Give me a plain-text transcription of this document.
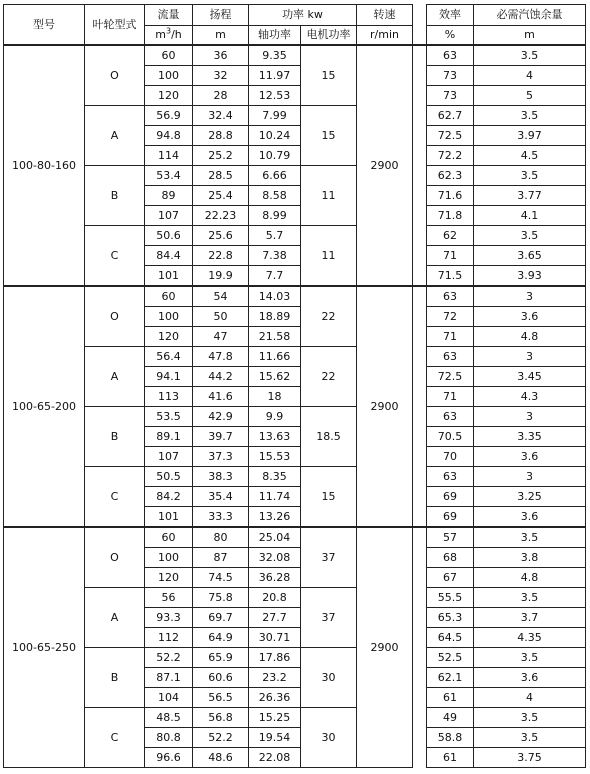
型号	叶轮型式	流量	扬程	功率 kw		转速		效率	必需汽蚀余量
		$m^3/h$	m	轴功率	电机功率	r/min		%	m
100-80-160	O	60	36	9.35	15	2900		63	3.5
		100	32	11.97				73	4
		120	28	12.53				73	5
	A	56.9	32.4	7.99	15			62.7	3.5
		94.8	28.8	10.24				72.5	3.97
		114	25.2	10.79				72.2	4.5
	B	53.4	28.5	6.66	11			62.3	3.5
		89	25.4	8.58				71.6	3.77
		107	22.23	8.99				71.8	4.1
	C	50.6	25.6	5.7	11			62	3.5
		84.4	22.8	7.38				71	3.65
		101	19.9	7.7				71.5	3.93
100-65-200	O	60	54	14.03	22	2900		63	3
		100	50	18.89				72	3.6
		120	47	21.58				71	4.8
	A	56.4	47.8	11.66	22			63	3
		94.1	44.2	15.62				72.5	3.45
		113	41.6	18				71	4.3
	B	53.5	42.9	9.9	18.5			63	3
		89.1	39.7	13.63				70.5	3.35
		107	37.3	15.53				70	3.6
	C	50.5	38.3	8.35	15			63	3
		84.2	35.4	11.74				69	3.25
		101	33.3	13.26				69	3.6
100-65-250	O	60	80	25.04	37	2900		57	3.5
		100	87	32.08				68	3.8
		120	74.5	36.28				67	4.8
	A	56	75.8	20.8	37			55.5	3.5
		93.3	69.7	27.7				65.3	3.7
		112	64.9	30.71				64.5	4.35
	B	52.2	65.9	17.86	30			52.5	3.5
		87.1	60.6	23.2				62.1	3.6
		104	56.5	26.36				61	4
	C	48.5	56.8	15.25	30			49	3.5
		80.8	52.2	19.54				58.8	3.5
		96.6	48.6	22.08				61	3.75
